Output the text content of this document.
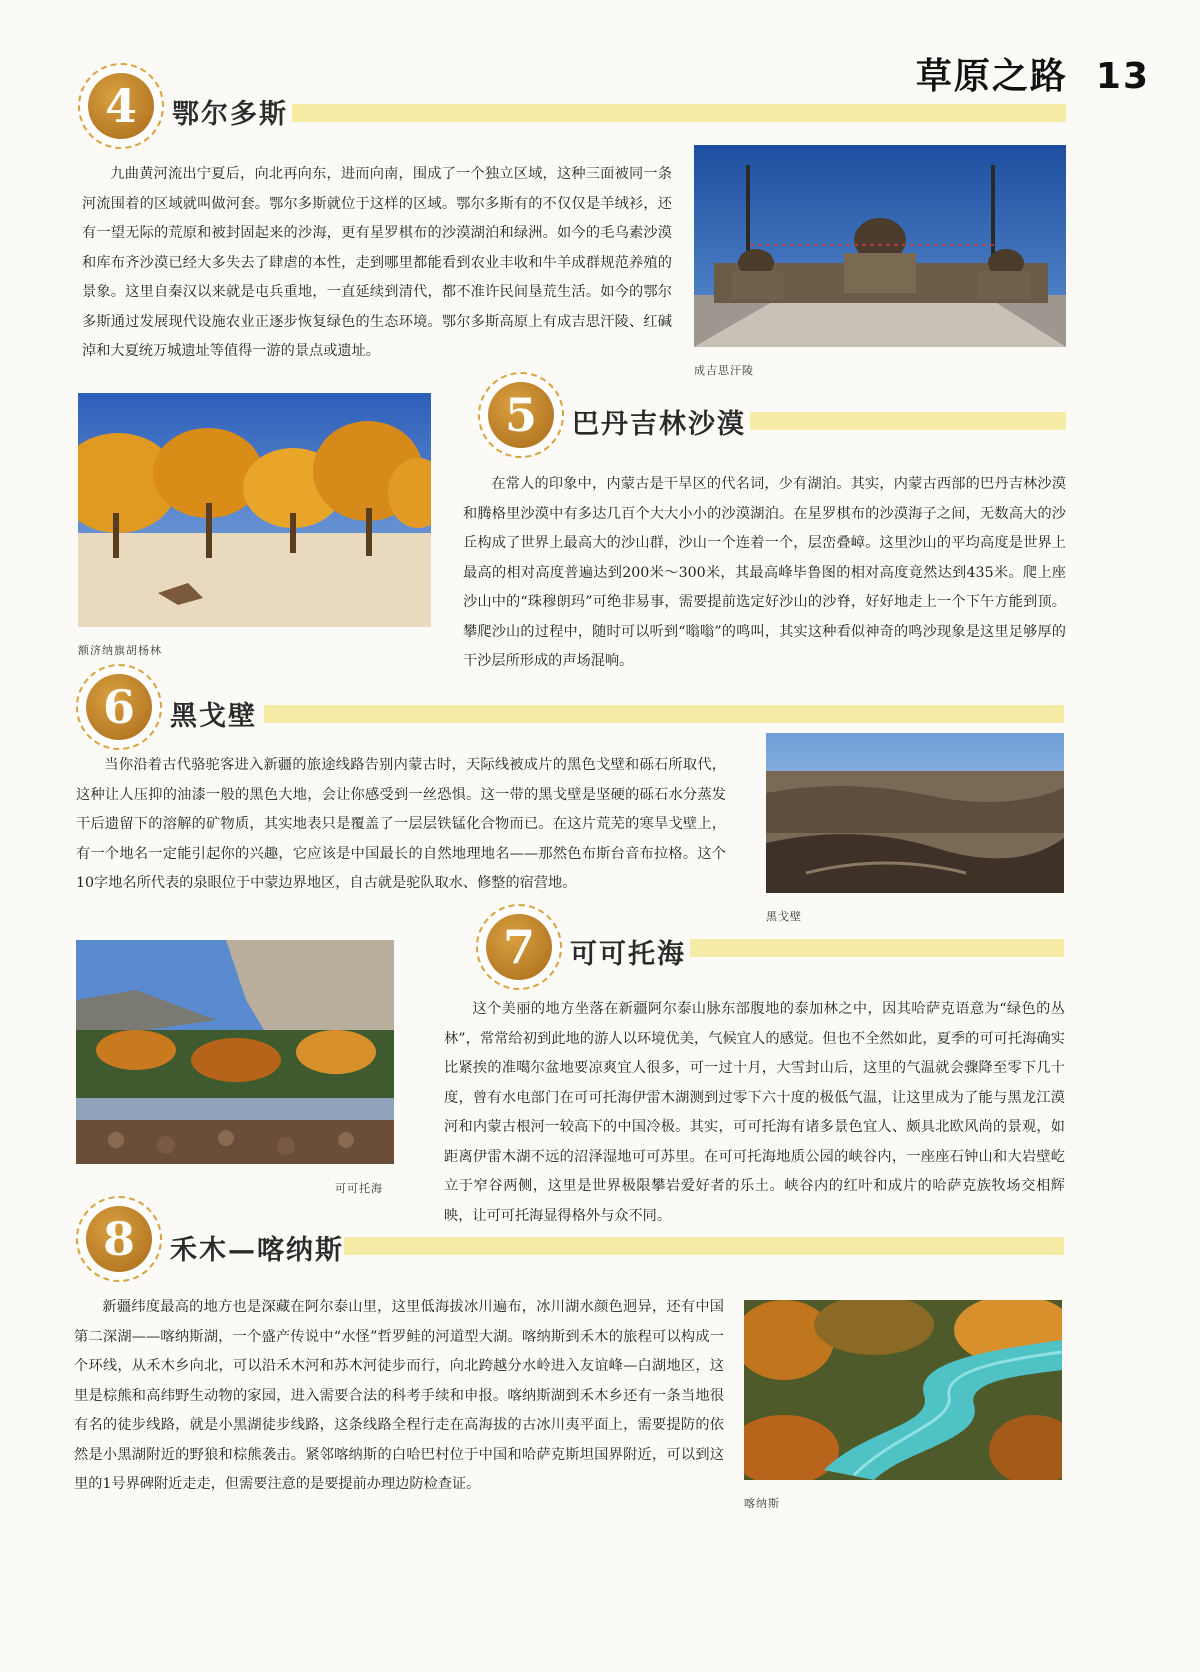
草原之路 13
4	鄂尔多斯

九曲黄河流出宁夏后，向北再向东，进而向南，围成了一个独立区域，这种三面被同一条河流围着的区域就叫做河套。鄂尔多斯就位于这样的区域。鄂尔多斯有的不仅仅是羊绒衫，还有一望无际的荒原和被封固起来的沙海，更有星罗棋布的沙漠湖泊和绿洲。如今的毛乌素沙漠和库布齐沙漠已经大多失去了肆虐的本性，走到哪里都能看到农业丰收和牛羊成群规范养殖的景象。这里自秦汉以来就是屯兵重地，一直延续到清代，都不准许民间垦荒生活。如今的鄂尔多斯通过发展现代设施农业正逐步恢复绿色的生态环境。鄂尔多斯高原上有成吉思汗陵、红碱淖和大夏统万城遗址等值得一游的景点或遗址。

成吉思汗陵
额济纳旗胡杨林
5	巴丹吉林沙漠

在常人的印象中，内蒙古是干旱区的代名词，少有湖泊。其实，内蒙古西部的巴丹吉林沙漠和腾格里沙漠中有多达几百个大大小小的沙漠湖泊。在星罗棋布的沙漠海子之间，无数高大的沙丘构成了世界上最高大的沙山群，沙山一个连着一个，层峦叠嶂。这里沙山的平均高度是世界上最高的相对高度普遍达到200米～300米，其最高峰毕鲁图的相对高度竟然达到435米。爬上座沙山中的“珠穆朗玛”可绝非易事，需要提前选定好沙山的沙脊，好好地走上一个下午方能到顶。攀爬沙山的过程中，随时可以听到“嗡嗡”的鸣叫，其实这种看似神奇的鸣沙现象是这里足够厚的干沙层所形成的声场混响。

6	黑戈壁

当你沿着古代骆驼客进入新疆的旅途线路告别内蒙古时，天际线被成片的黑色戈壁和砾石所取代，这种让人压抑的油漆一般的黑色大地，会让你感受到一丝恐惧。这一带的黑戈壁是坚硬的砾石水分蒸发干后遗留下的溶解的矿物质，其实地表只是覆盖了一层层铁锰化合物而已。在这片荒芜的寒旱戈壁上，有一个地名一定能引起你的兴趣，它应该是中国最长的自然地理地名——那然色布斯台音布拉格。这个10字地名所代表的泉眼位于中蒙边界地区，自古就是驼队取水、修整的宿营地。

黑戈壁
可可托海
7	可可托海

这个美丽的地方坐落在新疆阿尔泰山脉东部腹地的泰加林之中，因其哈萨克语意为“绿色的丛林”，常常给初到此地的游人以环境优美，气候宜人的感觉。但也不全然如此，夏季的可可托海确实比紧挨的准噶尔盆地要凉爽宜人很多，可一过十月，大雪封山后，这里的气温就会骤降至零下几十度，曾有水电部门在可可托海伊雷木湖测到过零下六十度的极低气温，让这里成为了能与黑龙江漠河和内蒙古根河一较高下的中国冷极。其实，可可托海有诸多景色宜人、颇具北欧风尚的景观，如距离伊雷木湖不远的沼泽湿地可可苏里。在可可托海地质公园的峡谷内，一座座石钟山和大岩壁屹立于窄谷两侧，这里是世界极限攀岩爱好者的乐土。峡谷内的红叶和成片的哈萨克族牧场交相辉映，让可可托海显得格外与众不同。

8	禾木—喀纳斯

新疆纬度最高的地方也是深藏在阿尔泰山里，这里低海拔冰川遍布，冰川湖水颜色迥异，还有中国第二深湖——喀纳斯湖，一个盛产传说中“水怪”哲罗鲑的河道型大湖。喀纳斯到禾木的旅程可以构成一个环线，从禾木乡向北，可以沿禾木河和苏木河徒步而行，向北跨越分水岭进入友谊峰—白湖地区，这里是棕熊和高纬野生动物的家园，进入需要合法的科考手续和申报。喀纳斯湖到禾木乡还有一条当地很有名的徒步线路，就是小黑湖徒步线路，这条线路全程行走在高海拔的古冰川夷平面上，需要提防的依然是小黑湖附近的野狼和棕熊袭击。紧邻喀纳斯的白哈巴村位于中国和哈萨克斯坦国界附近，可以到这里的1号界碑附近走走，但需要注意的是要提前办理边防检查证。

喀纳斯
